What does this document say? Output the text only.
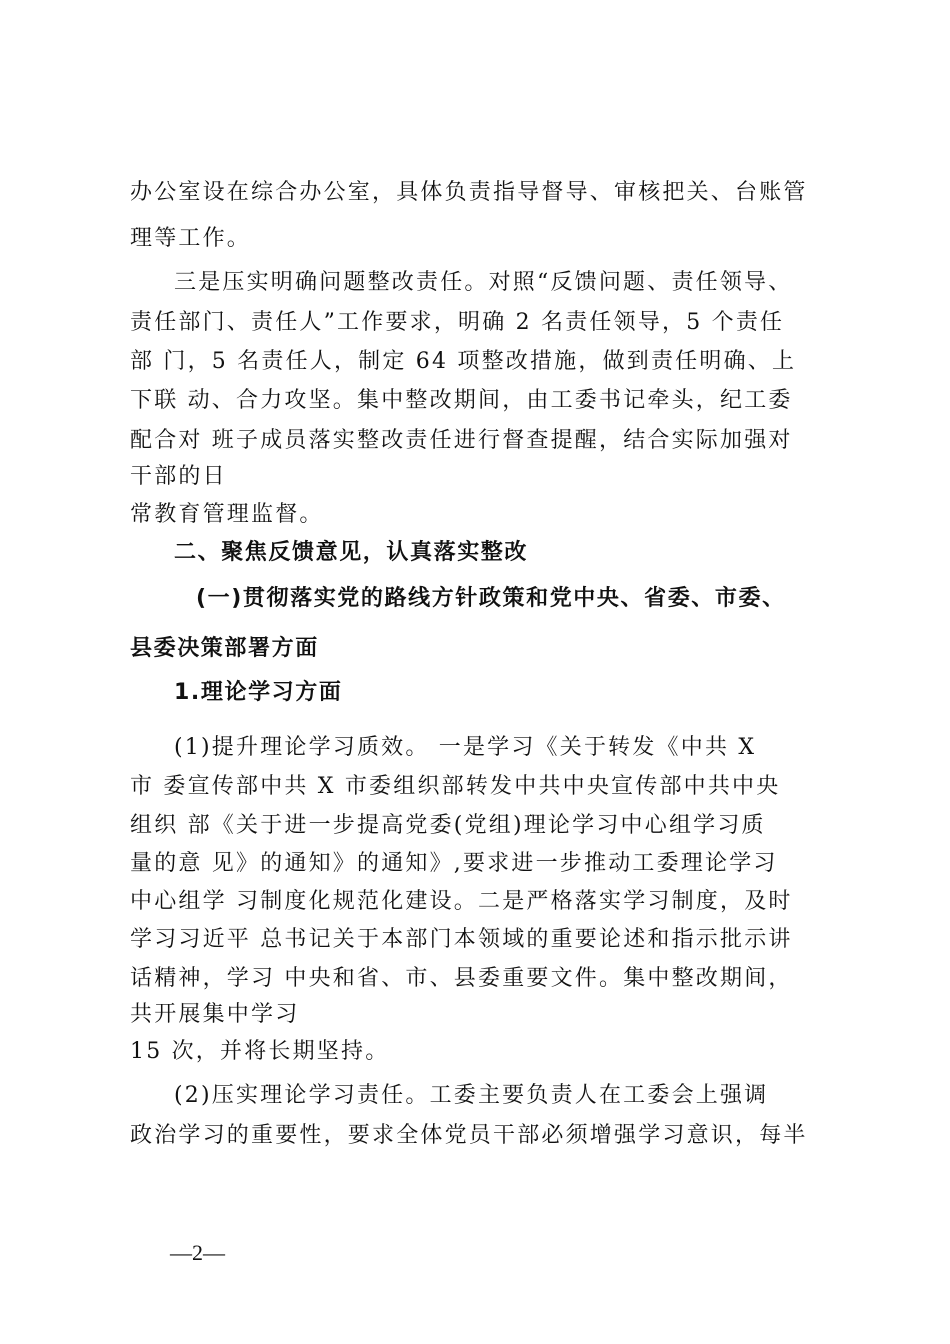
办公室设在综合办公室，具体负责指导督导、审核把关、台账管
理等工作。
三是压实明确问题整改责任。对照“反馈问题、责任领导、
责任部门、责任人”工作要求，明确 2 名责任领导，5 个责任
部 门，5 名责任人，制定 64 项整改措施，做到责任明确、上
下联 动、合力攻坚。集中整改期间，由工委书记牵头，纪工委
配合对 班子成员落实整改责任进行督查提醒，结合实际加强对
干部的日
常教育管理监督。
二、聚焦反馈意见，认真落实整改
(一)贯彻落实党的路线方针政策和党中央、省委、市委、
县委决策部署方面
1.理论学习方面
(1)提升理论学习质效。 一是学习《关于转发《中共 X
市 委宣传部中共 X 市委组织部转发中共中央宣传部中共中央
组织 部《关于进一步提高党委(党组)理论学习中心组学习质
量的意 见》的通知》的通知》,要求进一步推动工委理论学习
中心组学 习制度化规范化建设。二是严格落实学习制度，及时
学习习近平 总书记关于本部门本领域的重要论述和指示批示讲
话精神，学习 中央和省、市、县委重要文件。集中整改期间，
共开展集中学习
15 次，并将长期坚持。
(2)压实理论学习责任。工委主要负责人在工委会上强调
政治学习的重要性，要求全体党员干部必须增强学习意识，每半
—2—
